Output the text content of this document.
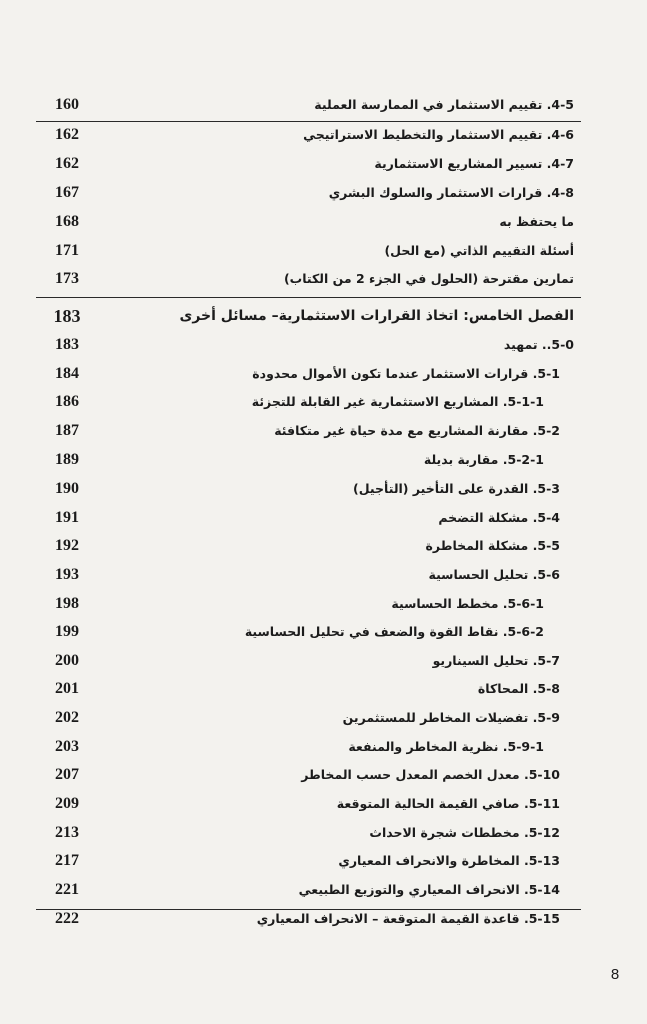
160	4-5. تقييم الاستثمار في الممارسة العملية
162	4-6. تقييم الاستثمار والتخطيط الاستراتيجي
162	4-7. تسيير المشاريع الاستثمارية
167	4-8. قرارات الاستثمار والسلوك البشري
168	ما يحتفظ به
171	أسئلة التقييم الذاتي (مع الحل)
173	تمارين مقترحة (الحلول في الجزء 2 من الكتاب)
183	الفصل الخامس: اتخاذ القرارات الاستثمارية– مسائل أخرى
183	5-0.. تمهيد
184	5-1. قرارات الاستثمار عندما تكون الأموال محدودة
186	5-1-1. المشاريع الاستثمارية غير القابلة للتجزئة
187	5-2. مقارنة المشاريع مع مدة حياة غير متكافئة
189	5-2-1. مقاربة بديلة
190	5-3. القدرة على التأخير (التأجيل)
191	5-4. مشكلة التضخم
192	5-5. مشكلة المخاطرة
193	5-6. تحليل الحساسية
198	5-6-1. مخطط الحساسية
199	5-6-2. نقاط القوة والضعف في تحليل الحساسية
200	5-7. تحليل السيناريو
201	5-8. المحاكاة
202	5-9. تفضيلات المخاطر للمستثمرين
203	5-9-1. نظرية المخاطر والمنفعة
207	5-10. معدل الخصم المعدل حسب المخاطر
209	5-11. صافي القيمة الحالية المتوقعة
213	5-12. مخططات شجرة الاحداث
217	5-13. المخاطرة والانحراف المعياري
221	5-14. الانحراف المعياري والتوزيع الطبيعي
222	5-15. قاعدة القيمة المتوقعة – الانحراف المعياري
8
